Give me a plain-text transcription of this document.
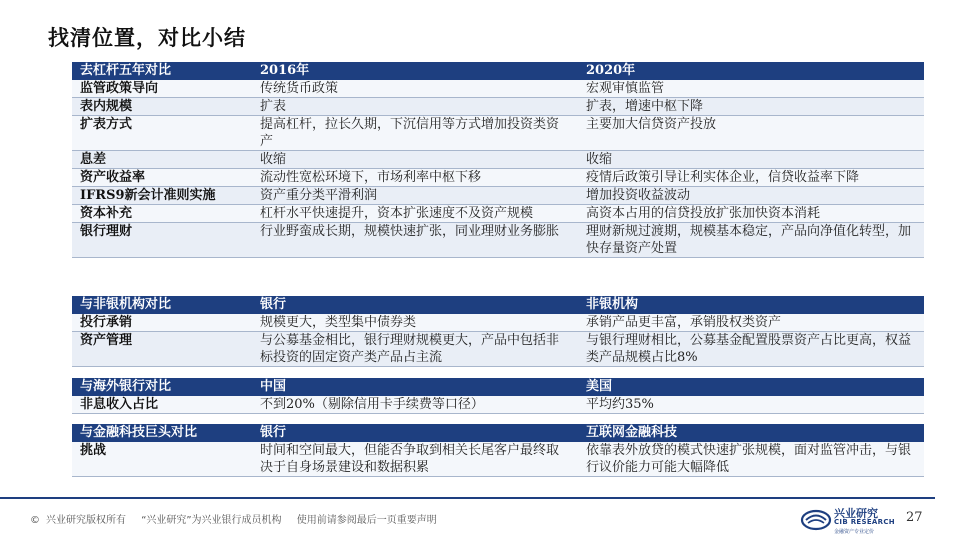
找清位置，对比小结
去杠杆五年对比	2016年	2020年
监管政策导向	传统货币政策	宏观审慎监管
表内规模	扩表	扩表，增速中枢下降
扩表方式	提高杠杆，拉长久期，下沉信用等方式增加投资类资产	主要加大信贷资产投放
息差	收缩	收缩
资产收益率	流动性宽松环境下，市场利率中枢下移	疫情后政策引导让利实体企业，信贷收益率下降
IFRS9新会计准则实施	资产重分类平滑利润	增加投资收益波动
资本补充	杠杆水平快速提升，资本扩张速度不及资产规模	高资本占用的信贷投放扩张加快资本消耗
银行理财	行业野蛮成长期，规模快速扩张，同业理财业务膨胀	理财新规过渡期，规模基本稳定，产品向净值化转型，加快存量资产处置
与非银机构对比	银行	非银机构
投行承销	规模更大，类型集中债券类	承销产品更丰富，承销股权类资产
资产管理	与公募基金相比，银行理财规模更大，产品中包括非标投资的固定资产类产品占主流	与银行理财相比，公募基金配置股票资产占比更高，权益类产品规模占比8%
与海外银行对比	中国	美国
非息收入占比	不到20%（剔除信用卡手续费等口径）	平均约35%
与金融科技巨头对比	银行	互联网金融科技
挑战	时间和空间最大，但能否争取到相关长尾客户最终取决于自身场景建设和数据积累	依靠表外放贷的模式快速扩张规模，面对监管冲击，与银行议价能力可能大幅降低
© 兴业研究版权所有 “兴业研究”为兴业银行成员机构 使用前请参阅最后一页重要声明
兴业研究
CIB RESEARCH
金融资产专业定价
27
